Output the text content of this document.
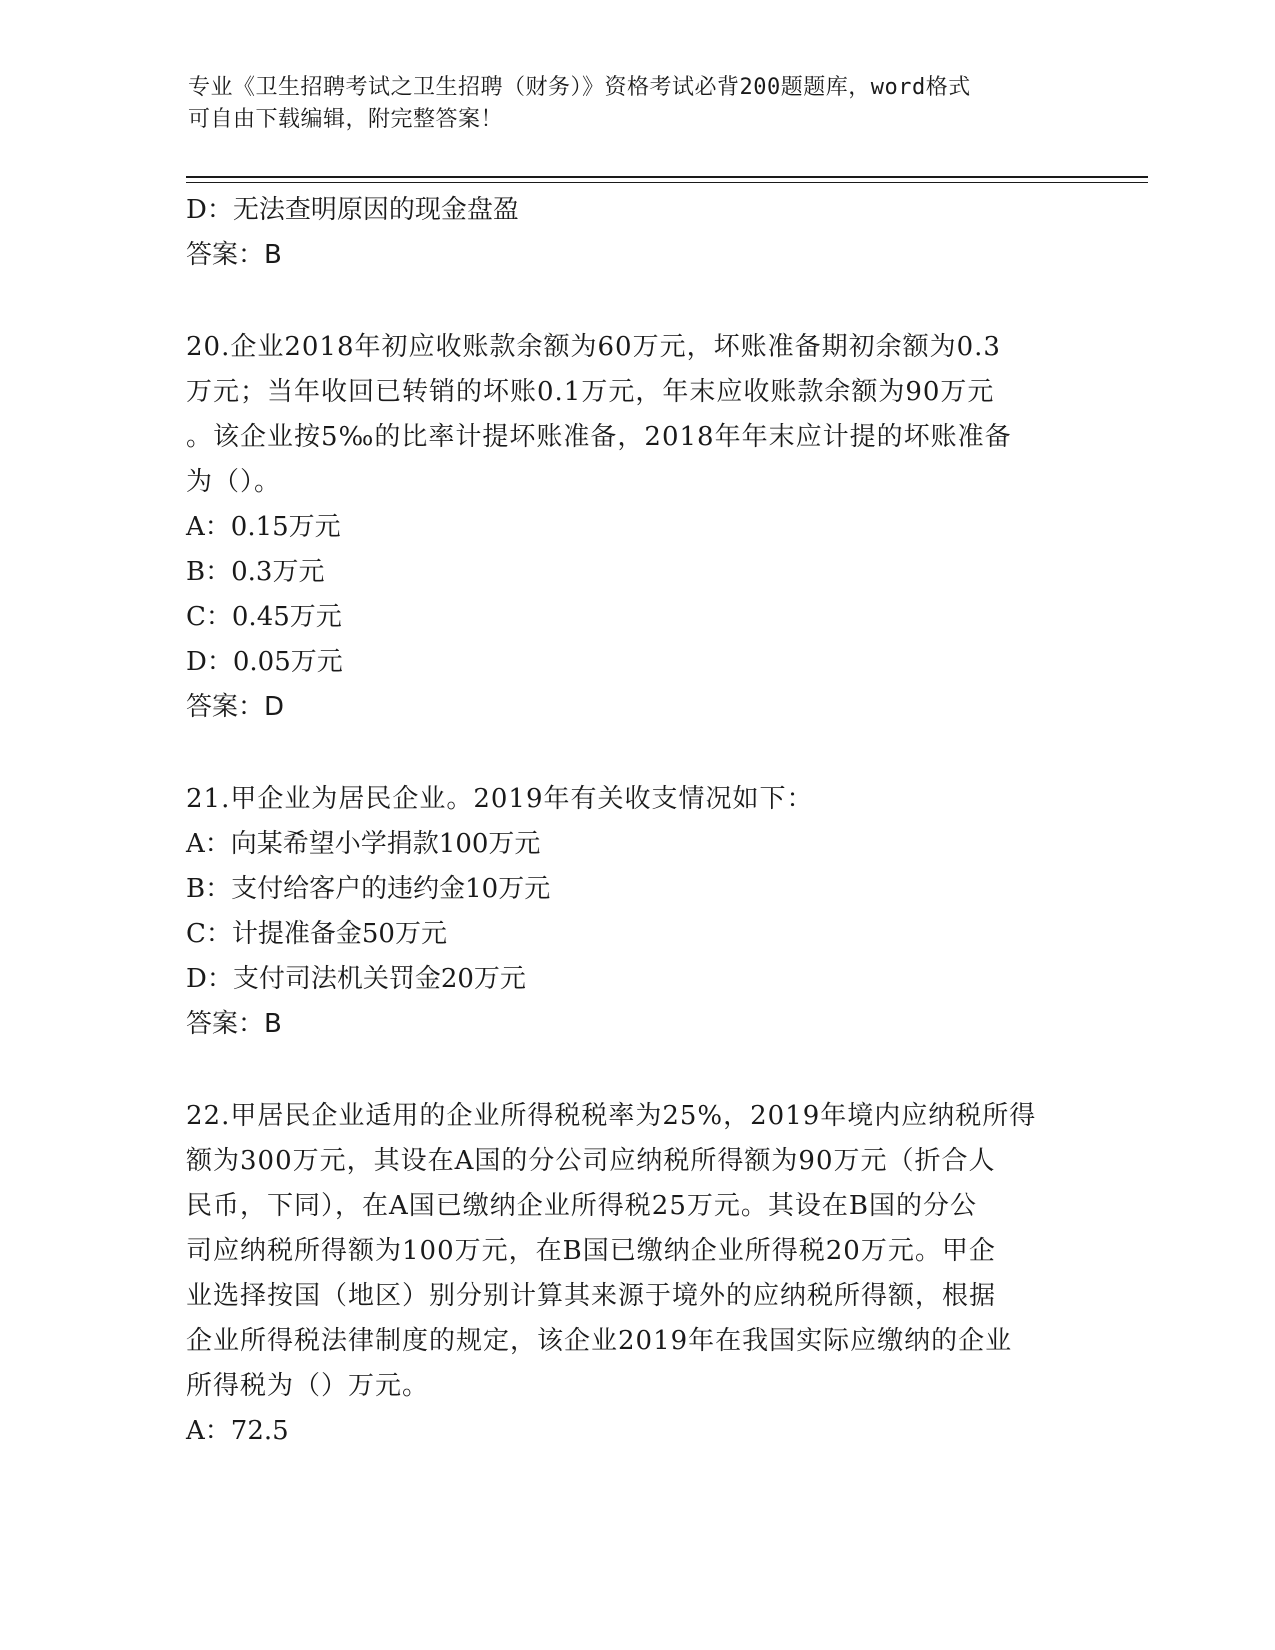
专业《卫生招聘考试之卫生招聘（财务）》资格考试必背200题题库，word格式
可自由下载编辑，附完整答案！
D：无法查明原因的现金盘盈
答案：B
20.企业2018年初应收账款余额为60万元，坏账准备期初余额为0.3
万元；当年收回已转销的坏账0.1万元，年末应收账款余额为90万元
。该企业按5‰的比率计提坏账准备，2018年年末应计提的坏账准备
为（）。
A：0.15万元
B：0.3万元
C：0.45万元
D：0.05万元
答案：D
21.甲企业为居民企业。2019年有关收支情况如下：
A：向某希望小学捐款100万元
B：支付给客户的违约金10万元
C：计提准备金50万元
D：支付司法机关罚金20万元
答案：B
22.甲居民企业适用的企业所得税税率为25%，2019年境内应纳税所得
额为300万元，其设在A国的分公司应纳税所得额为90万元（折合人
民币，下同），在A国已缴纳企业所得税25万元。其设在B国的分公
司应纳税所得额为100万元，在B国已缴纳企业所得税20万元。甲企
业选择按国（地区）别分别计算其来源于境外的应纳税所得额，根据
企业所得税法律制度的规定，该企业2019年在我国实际应缴纳的企业
所得税为（）万元。
A：72.5
